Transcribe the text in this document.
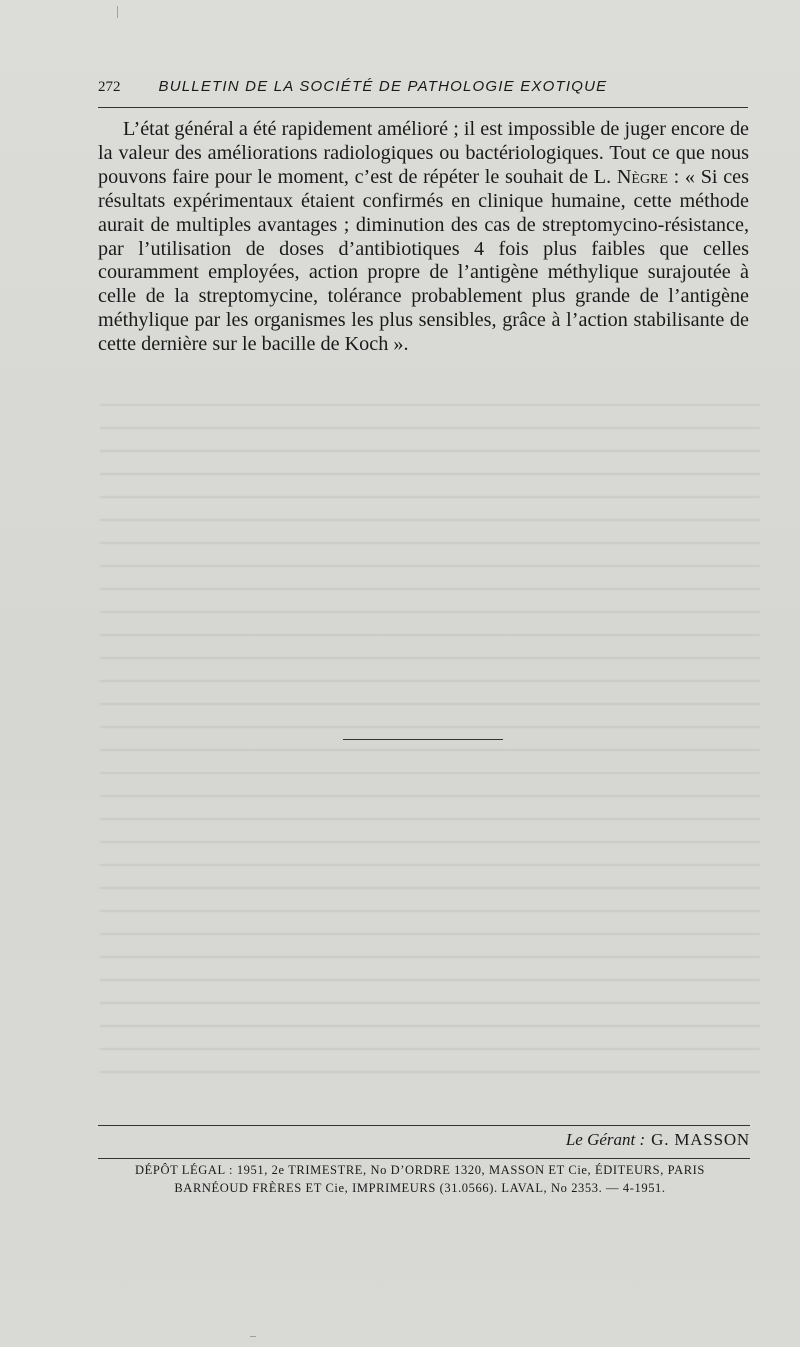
272	BULLETIN DE LA SOCIÉTÉ DE PATHOLOGIE EXOTIQUE

L’état général a été rapidement amélioré ; il est impossible de juger encore de la valeur des améliorations radiologiques ou bactériologiques. Tout ce que nous pouvons faire pour le moment, c’est de répéter le souhait de L. Nègre : « Si ces résultats expérimentaux étaient confirmés en clinique humaine, cette méthode aurait de multiples avantages ; diminution des cas de streptomycino-résistance, par l’utilisation de doses d’antibiotiques 4 fois plus faibles que celles couramment employées, action propre de l’antigène méthylique surajoutée à celle de la streptomycine, tolérance probablement plus grande de l’antigène méthylique par les organismes les plus sensibles, grâce à l’action stabilisante de cette dernière sur le bacille de Koch ».

Le Gérant : G. MASSON
DÉPÔT LÉGAL : 1951, 2e TRIMESTRE, No D’ORDRE 1320, MASSON ET Cie, ÉDITEURS, PARIS
BARNÉOUD FRÈRES ET Cie, IMPRIMEURS (31.0566). LAVAL, No 2353. — 4-1951.
